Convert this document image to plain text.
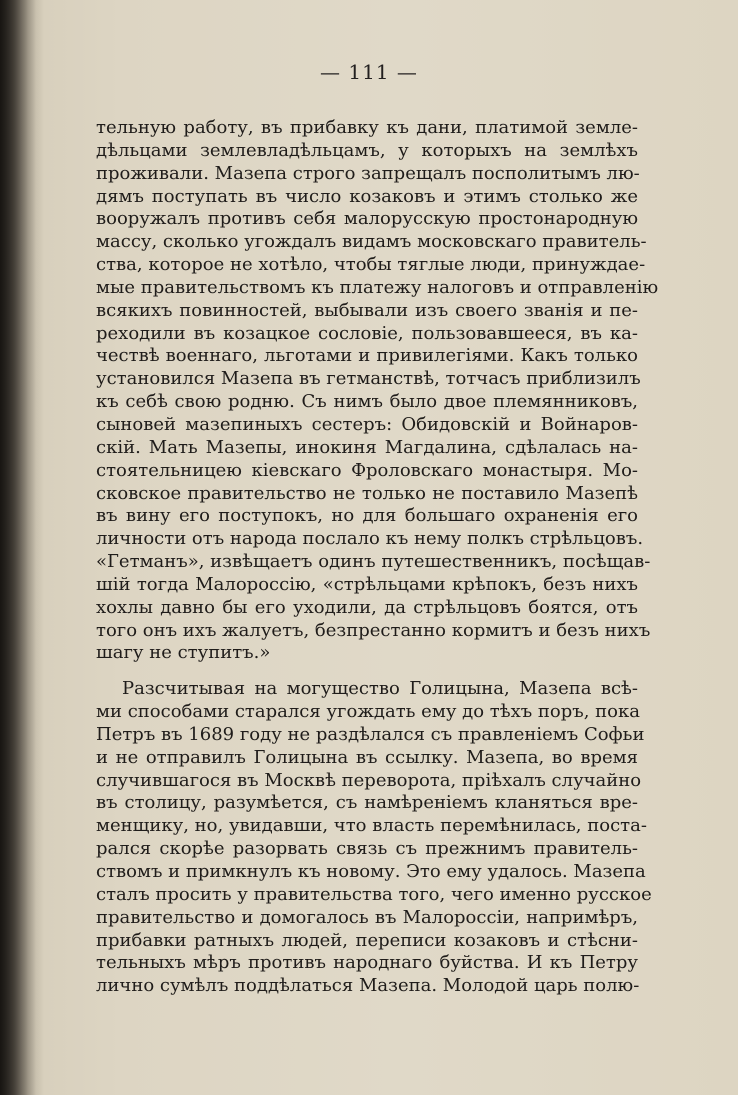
— 111 —
тельную работу, въ прибавку къ дани, платимой земле-
дѣльцами землевладѣльцамъ, у которыхъ на землѣхъ
проживали. Мазепа строго запрещалъ посполитымъ лю-
дямъ поступать въ число козаковъ и этимъ столько же
вооружалъ противъ себя малорусскую простонародную
массу, сколько угождалъ видамъ московскаго правитель-
ства, которое не хотѣло, чтобы тяглые люди, принуждае-
мые правительствомъ къ платежу налоговъ и отправленію
всякихъ повинностей, выбывали изъ своего званія и пе-
реходили въ козацкое сословіе, пользовавшееся, въ ка-
чествѣ военнаго, льготами и привилегіями. Какъ только
установился Мазепа въ гетманствѣ, тотчасъ приблизилъ
къ себѣ свою родню. Съ нимъ было двое племянниковъ,
сыновей мазепиныхъ сестеръ: Обидовскій и Войнаров-
скій. Мать Мазепы, инокиня Магдалина, сдѣлалась на-
стоятельницею кіевскаго Фроловскаго монастыря. Мо-
сковское правительство не только не поставило Мазепѣ
въ вину его поступокъ, но для большаго охраненія его
личности отъ народа послало къ нему полкъ стрѣльцовъ.
«Гетманъ», извѣщаетъ одинъ путешественникъ, посѣщав-
шій тогда Малороссію, «стрѣльцами крѣпокъ, безъ нихъ
хохлы давно бы его уходили, да стрѣльцовъ боятся, отъ
того онъ ихъ жалуетъ, безпрестанно кормитъ и безъ нихъ
шагу не ступитъ.»
Разсчитывая на могущество Голицына, Мазепа всѣ-
ми способами старался угождать ему до тѣхъ поръ, пока
Петръ въ 1689 году не раздѣлался съ правленіемъ Софьи
и не отправилъ Голицына въ ссылку. Мазепа, во время
случившагося въ Москвѣ переворота, пріѣхалъ случайно
въ столицу, разумѣется, съ намѣреніемъ кланяться вре-
менщику, но, увидавши, что власть перемѣнилась, поста-
рался скорѣе разорвать связь съ прежнимъ правитель-
ствомъ и примкнулъ къ новому. Это ему удалось. Мазепа
сталъ просить у правительства того, чего именно русское
правительство и домогалось въ Малороссіи, напримѣръ,
прибавки ратныхъ людей, переписи козаковъ и стѣсни-
тельныхъ мѣръ противъ народнаго буйства. И къ Петру
лично сумѣлъ поддѣлаться Мазепа. Молодой царь полю-
